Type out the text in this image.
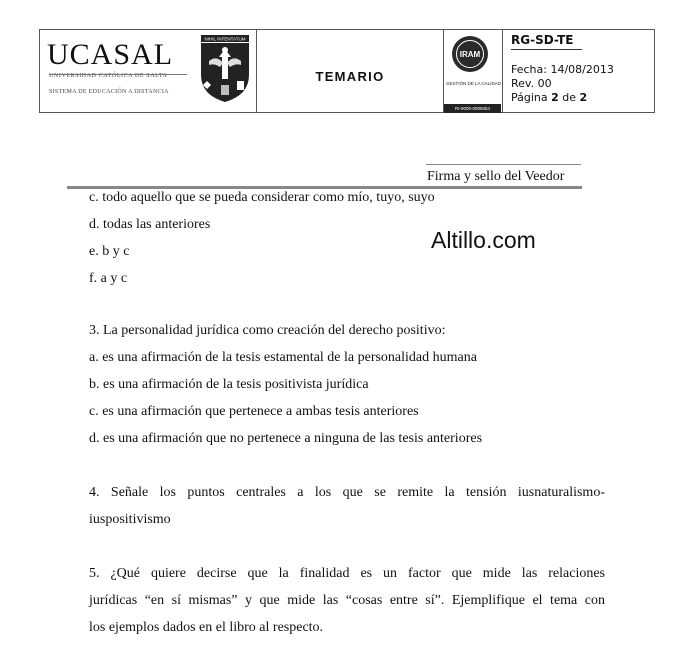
UCASAL
UNIVERSIDAD CATÓLICA DE SALTA
SISTEMA DE EDUCACIÓN A DISTANCIA
NIHIL INTENTATUM
TEMARIO
IRAM
GESTIÓN DE LA CALIDAD
RI-9000-0005064
RG-SD-TE
Fecha: 14/08/2013
Rev. 00
Página 2 de 2
Firma y sello del Veedor
Altillo.com
c. todo aquello que se pueda considerar como mío, tuyo, suyo
d. todas las anteriores
e. b y c
f. a y c
3. La personalidad jurídica como creación del derecho positivo:
a. es una afirmación de la tesis estamental de la personalidad humana
b. es una afirmación de la tesis positivista jurídica
c. es una afirmación que pertenece a ambas tesis anteriores
d. es una afirmación que no pertenece a ninguna de las tesis anteriores
4. Señale los puntos centrales a los que se remite la tensión iusnaturalismo-
iuspositivismo
5. ¿Qué quiere decirse que la finalidad es un factor que mide las relaciones
jurídicas “en sí mismas” y que mide las “cosas entre sí”. Ejemplifique el tema con
los ejemplos dados en el libro al respecto.
